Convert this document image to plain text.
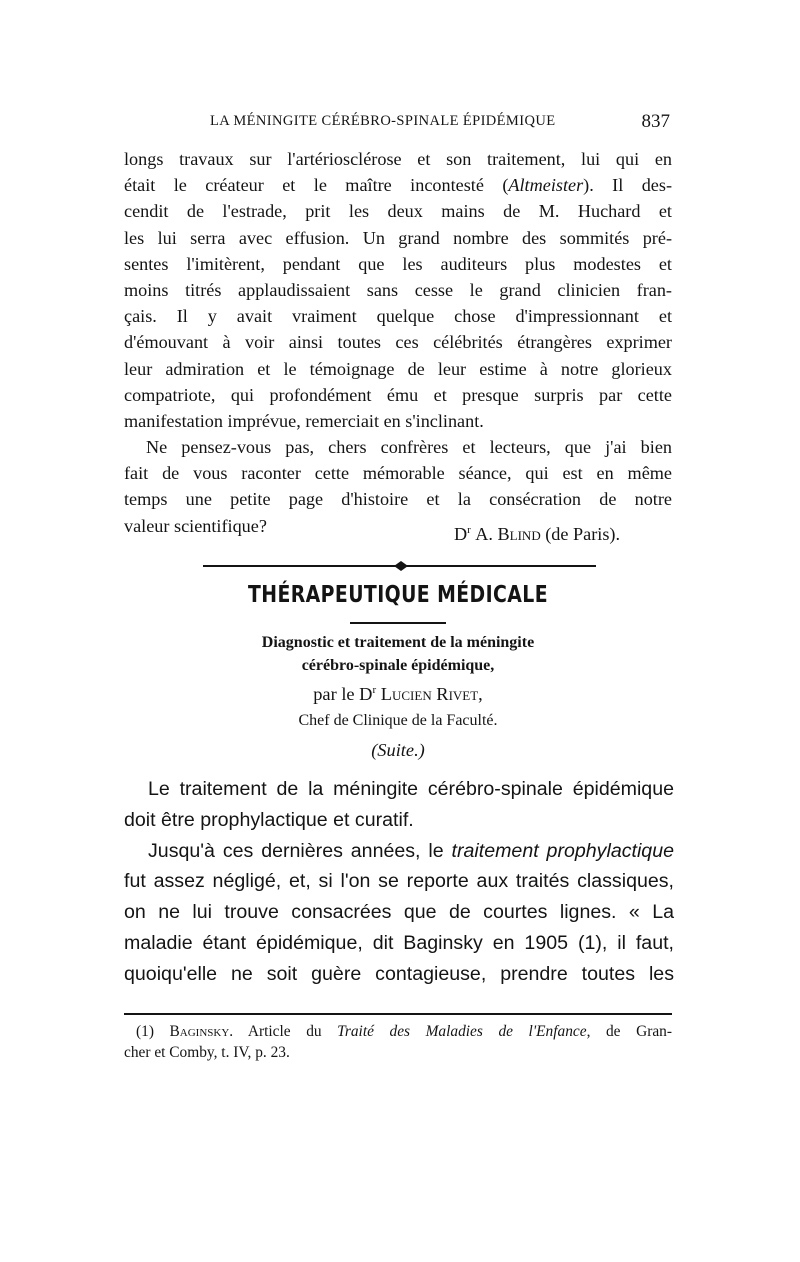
LA MÉNINGITE CÉRÉBRO-SPINALE ÉPIDÉMIQUE	837
longs travaux sur l'artériosclérose et son traitement, lui qui en
était le créateur et le maître incontesté (Altmeister). Il des-
cendit de l'estrade, prit les deux mains de M. Huchard et
les lui serra avec effusion. Un grand nombre des sommités pré-
sentes l'imitèrent, pendant que les auditeurs plus modestes et
moins titrés applaudissaient sans cesse le grand clinicien fran-
çais. Il y avait vraiment quelque chose d'impressionnant et
d'émouvant à voir ainsi toutes ces célébrités étrangères exprimer
leur admiration et le témoignage de leur estime à notre glorieux
compatriote, qui profondément ému et presque surpris par cette
manifestation imprévue, remerciait en s'inclinant.
Ne pensez-vous pas, chers confrères et lecteurs, que j'ai bien
fait de vous raconter cette mémorable séance, qui est en même
temps une petite page d'histoire et la consécration de notre
valeur scientifique?	$D^r$ A. Blind (de Paris).
THÉRAPEUTIQUE MÉDICALE
Diagnostic et traitement de la méningite
cérébro-spinale épidémique,
par le $D^r$ Lucien Rivet,
Chef de Clinique de la Faculté.
(Suite.)
Le traitement de la méningite cérébro-spinale épidémique
doit être prophylactique et curatif.
Jusqu'à ces dernières années, le traitement prophylactique
fut assez négligé, et, si l'on se reporte aux traités classiques,
on ne lui trouve consacrées que de courtes lignes. « La
maladie étant épidémique, dit Baginsky en 1905 (1), il faut,
quoiqu'elle ne soit guère contagieuse, prendre toutes les
(1) Baginsky. Article du Traité des Maladies de l'Enfance, de Gran-
cher et Comby, t. IV, p. 23.
